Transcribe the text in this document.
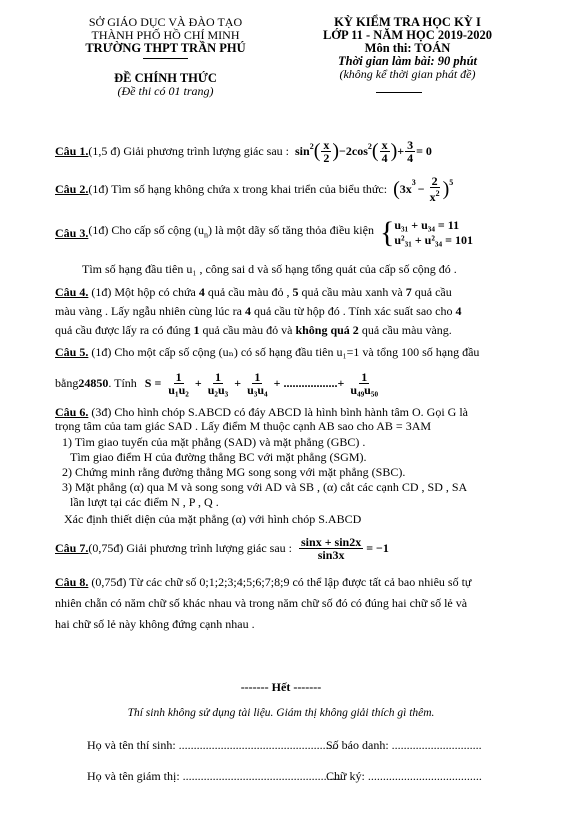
SỞ GIÁO DỤC VÀ ĐÀO TẠO
THÀNH PHỐ HỒ CHÍ MINH
TRƯỜNG THPT TRẦN PHÚ
ĐỀ CHÍNH THỨC
(Đề thi có 01 trang)
KỲ KIỂM TRA HỌC KỲ I
LỚP 11 - NĂM HỌC 2019-2020
Môn thi: TOÁN
Thời gian làm bài: 90 phút
(không kể thời gian phát đề)
Câu 1. (1,5 đ) Giải phương trình lượng giác sau : $\sin^2$ ( $\frac{x}{2}$ ) $-2\cos^2$ ( $\frac{x}{4}$ ) + $\frac{3}{4} = 0$
Câu 2. (1đ) Tìm số hạng không chứa x trong khai triển của biểu thức: ( $3x^3 - \frac{2}{x^2} )^5$
Câu 3. (1đ) Cho cấp số cộng $(u_n)$ là một dãy số tăng thỏa điều kiện { u₃₁ + u₃₄ = 11
u²₃₁ + u²₃₄ = 101
Tìm số hạng đầu tiên u₁ , công sai d và số hạng tổng quát của cấp số cộng đó .
Câu 4. (1đ) Một hộp có chứa 4 quả cầu màu đỏ , 5 quả cầu màu xanh và 7 quả cầu
màu vàng . Lấy ngẫu nhiên cùng lúc ra 4 quả cầu từ hộp đó . Tính xác suất sao cho 4
quả cầu được lấy ra có đúng 1 quả cầu màu đỏ và không quá 2 quả cầu màu vàng.
Câu 5. (1đ) Cho một cấp số cộng (uₙ) có số hạng đầu tiên u₁=1 và tổng 100 số hạng đầu
bằng 24850 . Tính $S = \frac{1}{\text{u₁u₂}} + \frac{1}{\text{u₂u₃}} + \frac{1}{\text{u₃u₄}}$ + ..................+ $\frac{1}{\text{u₄₉u₅₀}}$
Câu 6. (3đ) Cho hình chóp S.ABCD có đáy ABCD là hình bình hành tâm O. Gọi G là
trọng tâm của tam giác SAD . Lấy điểm M thuộc cạnh AB sao cho AB = 3AM
1) Tìm giao tuyến của mặt phẳng (SAD) và mặt phẳng (GBC) .
Tìm giao điểm H của đường thẳng BC với mặt phẳng (SGM).
2) Chứng minh rằng đường thẳng MG song song với mặt phẳng (SBC).
3) Mặt phẳng (α) qua M và song song với AD và SB , (α) cắt các cạnh CD , SD , SA
lần lượt tại các điểm N , P , Q .
Xác định thiết diện của mặt phẳng (α) với hình chóp S.ABCD
Câu 7. (0,75đ) Giải phương trình lượng giác sau : $\frac{\sin x + \sin 2x}{\sin 3x} = -1$
Câu 8. (0,75đ) Từ các chữ số 0;1;2;3;4;5;6;7;8;9 có thể lập được tất cả bao nhiêu số tự
nhiên chẵn có năm chữ số khác nhau và trong năm chữ số đó có đúng hai chữ số lẻ và
hai chữ số lẻ này không đứng cạnh nhau .
------- Hết -------
Thí sinh không sử dụng tài liệu. Giám thị không giải thích gì thêm.
Họ và tên thí sinh: .....................................................
Số báo danh: ..............................
Họ và tên giám thị: .....................................................
Chữ ký: ......................................
